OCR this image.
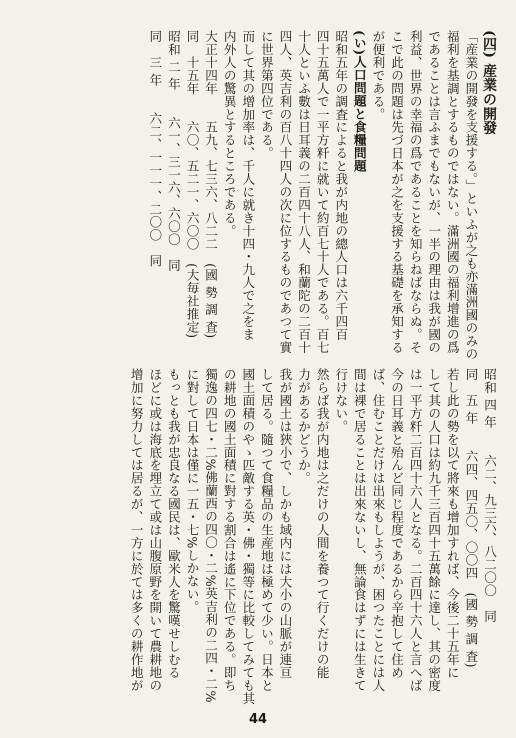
(四) 産業の開發
「産業の開發を支援する。」といふが之も亦滿洲國のみの
福利を基調とするものではない。滿洲國の福利增進の爲
であることは言ふまでもないが、一半の理由は我が國の
利益、世界の幸福の爲であることを知らねばならぬ。そ
こで此の問題は先づ日本が之を支援する基礎を承知する
が便利である。
(い)人口問題と食糧問題
昭和五年の調査によると我が内地の總人口は六千四百
四十五萬人で一平方粁に就いて約百七十人である。百七
十人といふ數は日耳義の二百四十八人、和蘭陀の二百十
四人、英吉利の百八十四人の次に位するものであつて實
に世界第四位である。
而して其の增加率は、千人に就き十四・九人で之をま
内外人の驚異とするところである。
大正十四年　　五九、七三六、八二二　(國 勢 調 査)
同　十五年　　六〇、五二一、六〇〇　(大毎社推定)
昭和 二 年　　六一、三一六、六〇〇　同
同　三 年　　六二、一一一、二〇〇　同
昭和 四 年　　六二、九三六、八二〇〇　同
同　五 年　　六四、四五〇、〇〇四　(國 勢 調 査)
若し此の勢を以て將來も增加すれば、今後二十五年に
して其の人口は約九千三百四十五萬餘に達し、其の密度
は一平方粁二百四十六人となる。二百四十六人と言へば
今の日耳義と殆んど同じ程度であるから辛抱して住め
ば、住むことだけは出來もしようが、困つたことには人
間は裸で居ることは出來ないし、無論食はずには生きて
行けない。
然らば我が内地は之だけの人間を養つて行くだけの能
力があるかどうか。
我が國土は狹小で、しかも域内には大小の山脈が連亘
して居る。隨つて食糧品の生産地は極めて少い。日本と
國土面積のやゝ匹敵する英・佛・獨等に比較してみても其
の耕地の國土面積に對する割合は遙に下位である。即ち
獨逸の四七・二%佛蘭西の四〇・二%英吉利の二四・二%
に對して日本は僅に一五・七%しかない。
もっとも我が忠良なる國民は、歐米人を驚嘆せしむる
ほどに或は海底を埋立て或は山腹原野を開いて農耕地の
增加に努力しては居るが、一方に於ては多くの耕作地が
44
